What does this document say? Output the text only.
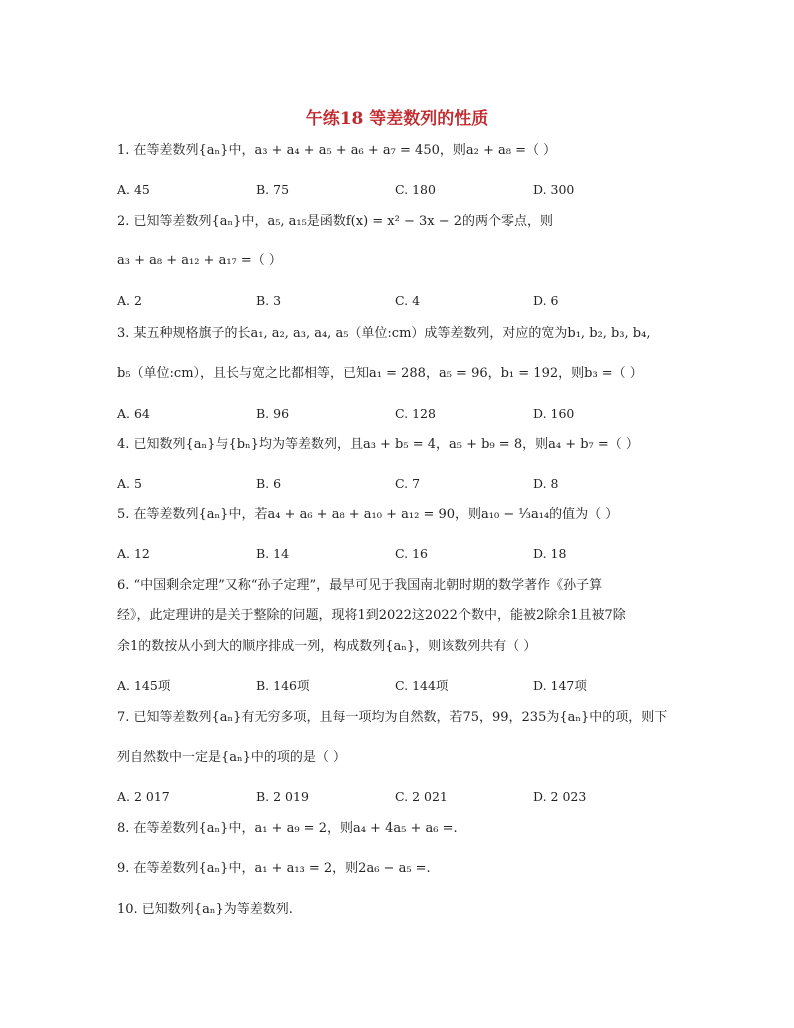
午练18 等差数列的性质
1. 在等差数列{aₙ}中，a₃ + a₄ + a₅ + a₆ + a₇ = 450，则a₂ + a₈ =（ ）
A. 45	B. 75	C. 180	D. 300
2. 已知等差数列{aₙ}中，a₅, a₁₅是函数f(x) = x² − 3x − 2的两个零点，则
a₃ + a₈ + a₁₂ + a₁₇ =（ ）
A. 2	B. 3	C. 4	D. 6
3. 某五种规格旗子的长a₁, a₂, a₃, a₄, a₅（单位:cm）成等差数列，对应的宽为b₁, b₂, b₃, b₄,
b₅（单位:cm），且长与宽之比都相等，已知a₁ = 288，a₅ = 96，b₁ = 192，则b₃ =（ ）
A. 64	B. 96	C. 128	D. 160
4. 已知数列{aₙ}与{bₙ}均为等差数列，且a₃ + b₅ = 4，a₅ + b₉ = 8，则a₄ + b₇ =（ ）
A. 5	B. 6	C. 7	D. 8
5. 在等差数列{aₙ}中，若a₄ + a₆ + a₈ + a₁₀ + a₁₂ = 90，则a₁₀ − ⅓a₁₄的值为（ ）
A. 12	B. 14	C. 16	D. 18
6. “中国剩余定理”又称“孙子定理”，最早可见于我国南北朝时期的数学著作《孙子算
经》，此定理讲的是关于整除的问题，现将1到2022这2022个数中，能被2除余1且被7除
余1的数按从小到大的顺序排成一列，构成数列{aₙ}，则该数列共有（ ）
A. 145项	B. 146项	C. 144项	D. 147项
7. 已知等差数列{aₙ}有无穷多项，且每一项均为自然数，若75，99，235为{aₙ}中的项，则下
列自然数中一定是{aₙ}中的项的是（ ）
A. 2 017	B. 2 019	C. 2 021	D. 2 023
8. 在等差数列{aₙ}中，a₁ + a₉ = 2，则a₄ + 4a₅ + a₆ =.
9. 在等差数列{aₙ}中，a₁ + a₁₃ = 2，则2a₆ − a₅ =.
10. 已知数列{aₙ}为等差数列.
